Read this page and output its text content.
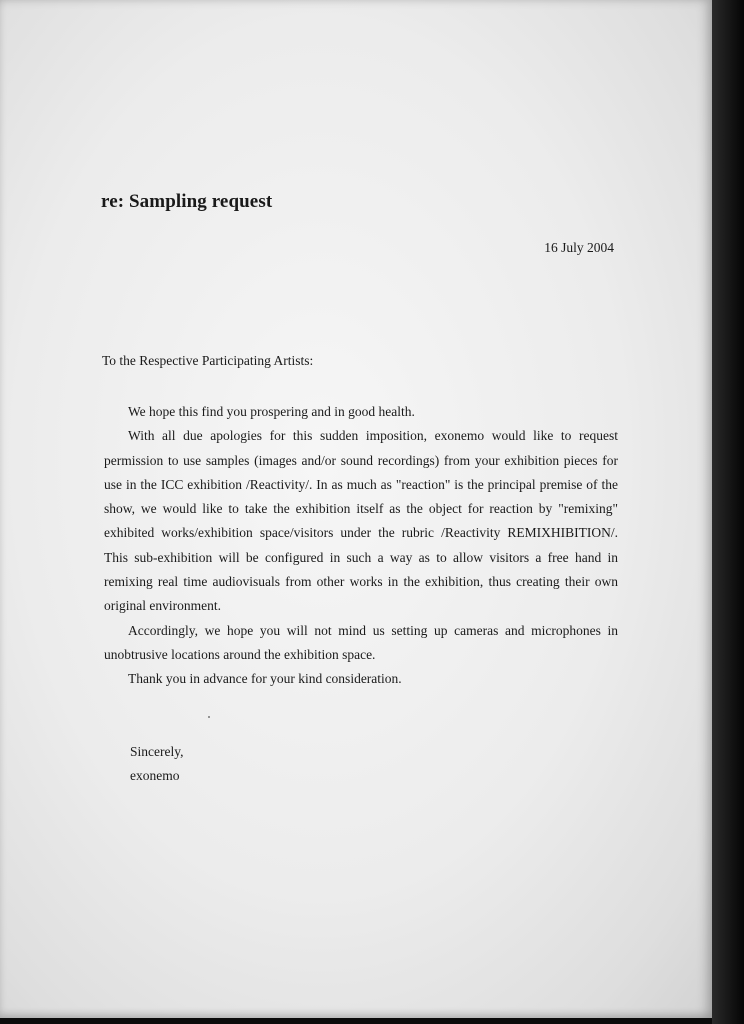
re: Sampling request
16 July 2004
To the Respective Participating Artists:

We hope this find you prospering and in good health.

With all due apologies for this sudden imposition, exonemo would like to request permission to use samples (images and/or sound recordings) from your exhibition pieces for use in the ICC exhibition /Reactivity/. In as much as "reaction" is the principal premise of the show, we would like to take the exhibition itself as the object for reaction by "remixing" exhibited works/exhibition space/visitors under the rubric /Reactivity REMIXHIBITION/. This sub-exhibition will be configured in such a way as to allow visitors a free hand in remixing real time audiovisuals from other works in the exhibition, thus creating their own original environment.

Accordingly, we hope you will not mind us setting up cameras and microphones in unobtrusive locations around the exhibition space.

Thank you in advance for your kind consideration.

Sincerely,
exonemo
